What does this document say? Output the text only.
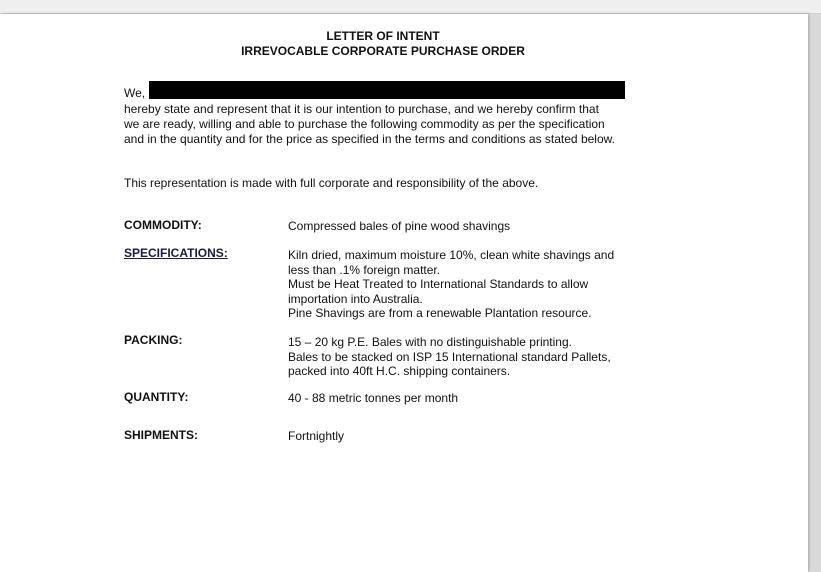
LETTER OF INTENT
IRREVOCABLE CORPORATE PURCHASE ORDER
We,
hereby state and represent that it is our intention to purchase, and we hereby confirm that
we are ready, willing and able to purchase the following commodity as per the specification
and in the quantity and for the price as specified in the terms and conditions as stated below.
This representation is made with full corporate and responsibility of the above.
COMMODITY:	Compressed bales of pine wood shavings
SPECIFICATIONS:	Kiln dried, maximum moisture 10%, clean white shavings and
less than .1% foreign matter.
Must be Heat Treated to International Standards to allow
importation into Australia.
Pine Shavings are from a renewable Plantation resource.
PACKING:	15 – 20 kg P.E. Bales with no distinguishable printing.
Bales to be stacked on ISP 15 International standard Pallets,
packed into 40ft H.C. shipping containers.
QUANTITY:	40 - 88 metric tonnes per month
SHIPMENTS:	Fortnightly
